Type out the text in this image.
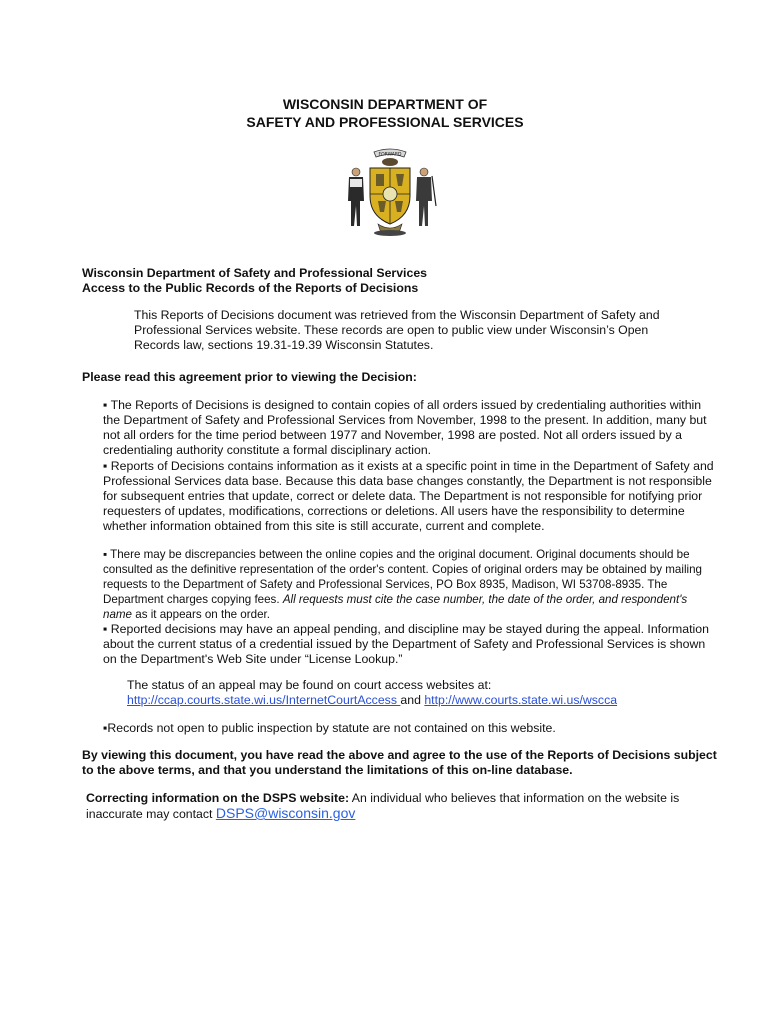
WISCONSIN DEPARTMENT OF
SAFETY AND PROFESSIONAL SERVICES
FORWARD
Wisconsin Department of Safety and Professional Services
Access to the Public Records of the Reports of Decisions

This Reports of Decisions document was retrieved from the Wisconsin Department of Safety and Professional Services website. These records are open to public view under Wisconsin’s Open Records law, sections 19.31-19.39 Wisconsin Statutes.

Please read this agreement prior to viewing the Decision:

▪ The Reports of Decisions is designed to contain copies of all orders issued by credentialing authorities within the Department of Safety and Professional Services from November, 1998 to the present. In addition, many but not all orders for the time period between 1977 and November, 1998 are posted. Not all orders issued by a credentialing authority constitute a formal disciplinary action.

▪ Reports of Decisions contains information as it exists at a specific point in time in the Department of Safety and Professional Services data base. Because this data base changes constantly, the Department is not responsible for subsequent entries that update, correct or delete data. The Department is not responsible for notifying prior requesters of updates, modifications, corrections or deletions. All users have the responsibility to determine whether information obtained from this site is still accurate, current and complete.

▪ There may be discrepancies between the online copies and the original document. Original documents should be consulted as the definitive representation of the order's content. Copies of original orders may be obtained by mailing requests to the Department of Safety and Professional Services, PO Box 8935, Madison, WI 53708-8935. The Department charges copying fees. All requests must cite the case number, the date of the order, and respondent's name as it appears on the order.

▪ Reported decisions may have an appeal pending, and discipline may be stayed during the appeal. Information about the current status of a credential issued by the Department of Safety and Professional Services is shown on the Department's Web Site under “License Lookup.”

The status of an appeal may be found on court access websites at:
http://ccap.courts.state.wi.us/InternetCourtAccess and http://www.courts.state.wi.us/wscca

▪Records not open to public inspection by statute are not contained on this website.

By viewing this document, you have read the above and agree to the use of the Reports of Decisions subject to the above terms, and that you understand the limitations of this on-line database.

Correcting information on the DSPS website: An individual who believes that information on the website is inaccurate may contact DSPS@wisconsin.gov
